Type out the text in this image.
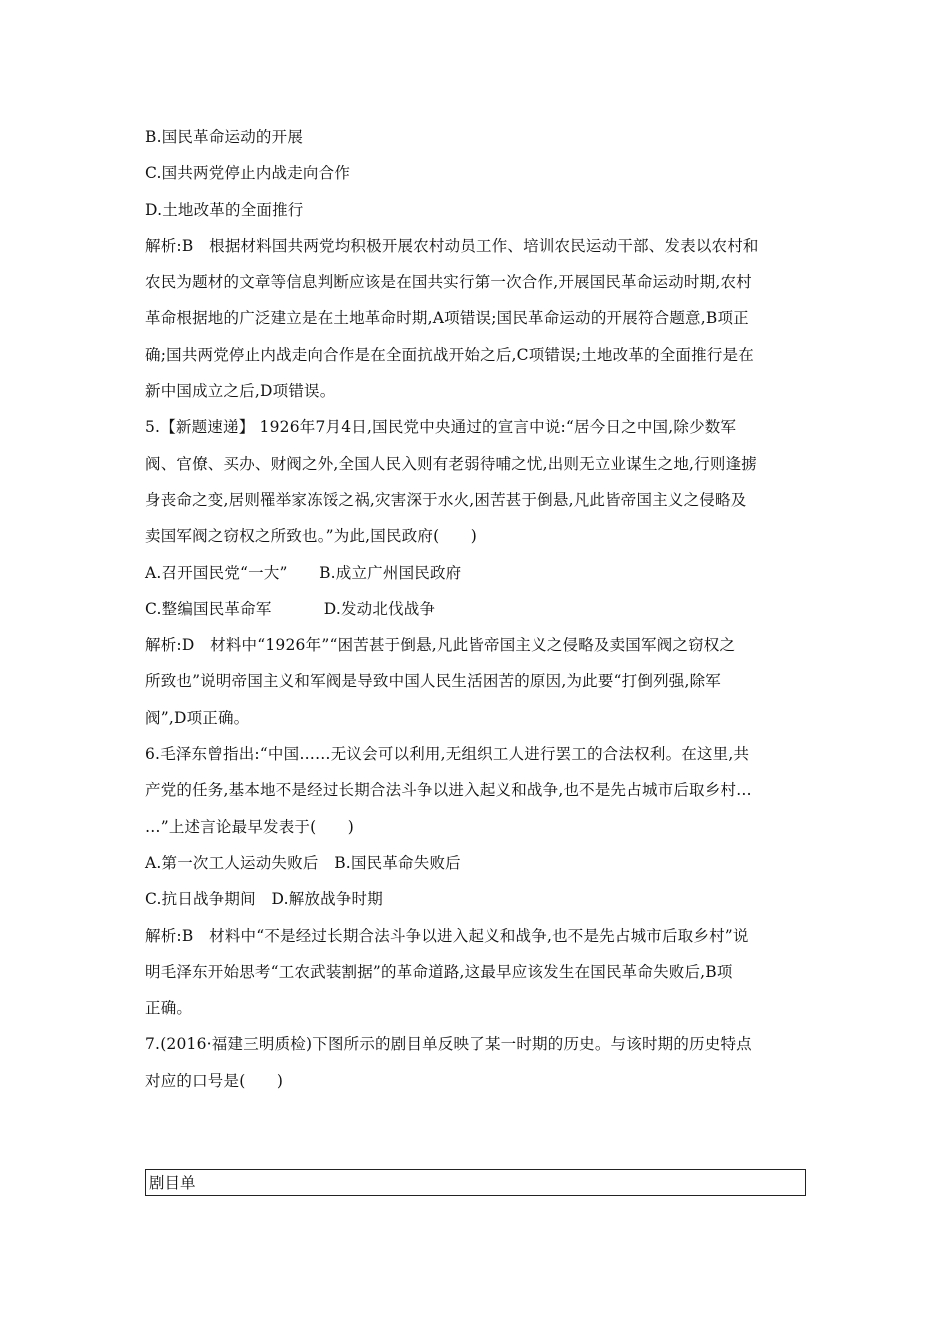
B.国民革命运动的开展
C.国共两党停止内战走向合作
D.土地改革的全面推行
解析:B　根据材料国共两党均积极开展农村动员工作、培训农民运动干部、发表以农村和
农民为题材的文章等信息判断应该是在国共实行第一次合作,开展国民革命运动时期,农村
革命根据地的广泛建立是在土地革命时期,A项错误;国民革命运动的开展符合题意,B项正
确;国共两党停止内战走向合作是在全面抗战开始之后,C项错误;土地改革的全面推行是在
新中国成立之后,D项错误。
5.【新题速递】 1926年7月4日,国民党中央通过的宣言中说:“居今日之中国,除少数军
阀、官僚、买办、财阀之外,全国人民入则有老弱待哺之忧,出则无立业谋生之地,行则逢掳
身丧命之变,居则罹举家冻馁之祸,灾害深于水火,困苦甚于倒悬,凡此皆帝国主义之侵略及
卖国军阀之窃权之所致也。”为此,国民政府(　　)
A.召开国民党“一大”　　B.成立广州国民政府
C.整编国民革命军　　　 D.发动北伐战争
解析:D　材料中“1926年”“困苦甚于倒悬,凡此皆帝国主义之侵略及卖国军阀之窃权之
所致也”说明帝国主义和军阀是导致中国人民生活困苦的原因,为此要“打倒列强,除军
阀”,D项正确。
6.毛泽东曾指出:“中国……无议会可以利用,无组织工人进行罢工的合法权利。在这里,共
产党的任务,基本地不是经过长期合法斗争以进入起义和战争,也不是先占城市后取乡村…
…”上述言论最早发表于(　　)
A.第一次工人运动失败后　B.国民革命失败后
C.抗日战争期间　D.解放战争时期
解析:B　材料中“不是经过长期合法斗争以进入起义和战争,也不是先占城市后取乡村”说
明毛泽东开始思考“工农武装割据”的革命道路,这最早应该发生在国民革命失败后,B项
正确。
7.(2016·福建三明质检)下图所示的剧目单反映了某一时期的历史。与该时期的历史特点
对应的口号是(　　)
剧目单
